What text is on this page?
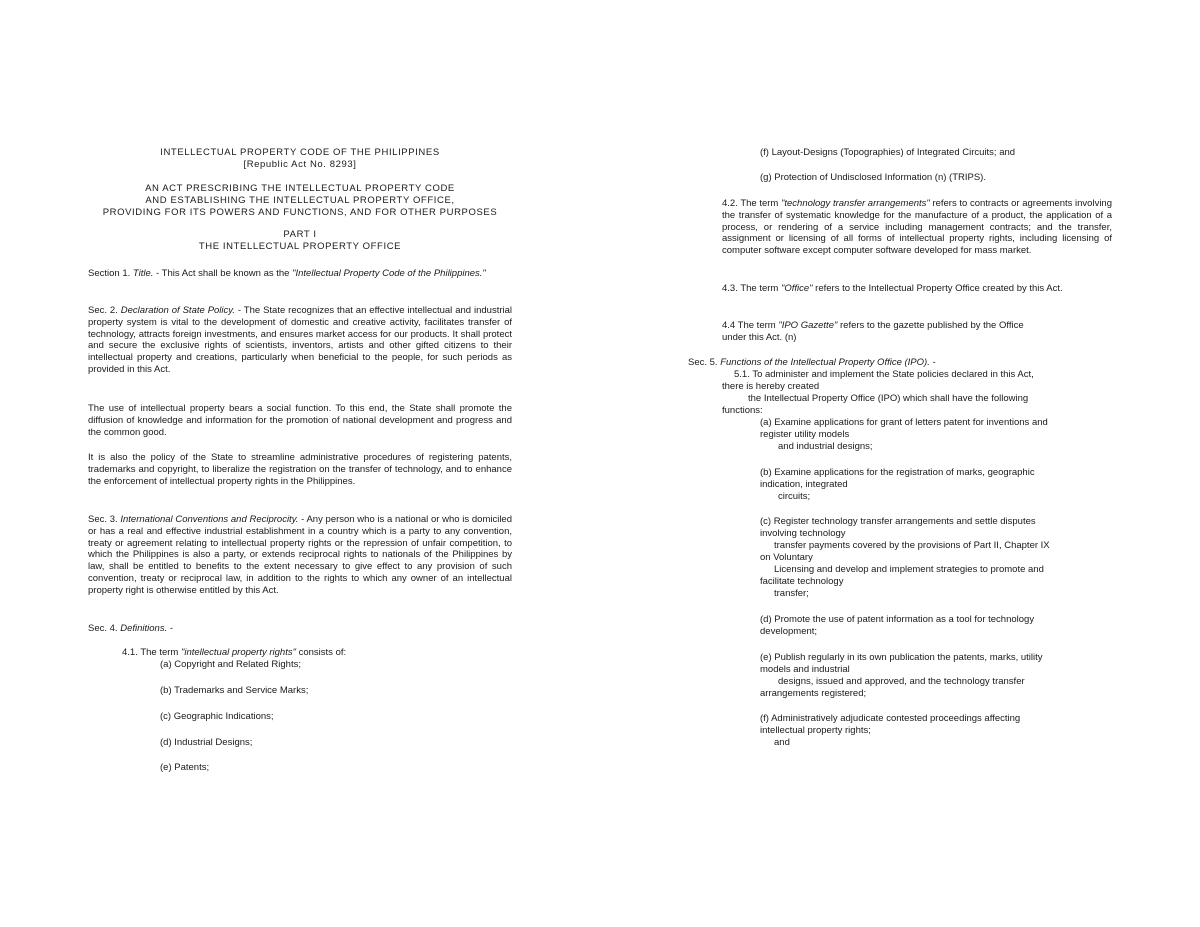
INTELLECTUAL PROPERTY CODE OF THE PHILIPPINES

[Republic Act No. 8293]

AN ACT PRESCRIBING THE INTELLECTUAL PROPERTY CODE

AND ESTABLISHING THE INTELLECTUAL PROPERTY OFFICE,

PROVIDING FOR ITS POWERS AND FUNCTIONS, AND FOR OTHER PURPOSES

PART I

THE INTELLECTUAL PROPERTY OFFICE

Section 1. Title. - This Act shall be known as the "Intellectual Property Code of the Philippines."

Sec. 2. Declaration of State Policy. - The State recognizes that an effective intellectual and industrial property system is vital to the development of domestic and creative activity, facilitates transfer of technology, attracts foreign investments, and ensures market access for our products. It shall protect and secure the exclusive rights of scientists, inventors, artists and other gifted citizens to their intellectual property and creations, particularly when beneficial to the people, for such periods as provided in this Act.

The use of intellectual property bears a social function. To this end, the State shall promote the diffusion of knowledge and information for the promotion of national development and progress and the common good.

It is also the policy of the State to streamline administrative procedures of registering patents, trademarks and copyright, to liberalize the registration on the transfer of technology, and to enhance the enforcement of intellectual property rights in the Philippines.

Sec. 3. International Conventions and Reciprocity. - Any person who is a national or who is domiciled or has a real and effective industrial establishment in a country which is a party to any convention, treaty or agreement relating to intellectual property rights or the repression of unfair competition, to which the Philippines is also a party, or extends reciprocal rights to nationals of the Philippines by law, shall be entitled to benefits to the extent necessary to give effect to any provision of such convention, treaty or reciprocal law, in addition to the rights to which any owner of an intellectual property right is otherwise entitled by this Act.

Sec. 4. Definitions. -

4.1. The term "intellectual property rights" consists of:

(a) Copyright and Related Rights;

(b) Trademarks and Service Marks;

(c) Geographic Indications;

(d) Industrial Designs;

(e) Patents;

(f) Layout-Designs (Topographies) of Integrated Circuits; and

(g) Protection of Undisclosed Information (n) (TRIPS).

4.2. The term "technology transfer arrangements" refers to contracts or agreements involving the transfer of systematic knowledge for the manufacture of a product, the application of a process, or rendering of a service including management contracts; and the transfer, assignment or licensing of all forms of intellectual property rights, including licensing of computer software except computer software developed for mass market.

4.3. The term "Office" refers to the Intellectual Property Office created by this Act.

4.4 The term "IPO Gazette" refers to the gazette published by the Office

under this Act. (n)

Sec. 5. Functions of the Intellectual Property Office (IPO). -

5.1. To administer and implement the State policies declared in this Act,

there is hereby created

the Intellectual Property Office (IPO) which shall have the following

functions:

(a) Examine applications for grant of letters patent for inventions and

register utility models

and industrial designs;

(b) Examine applications for the registration of marks, geographic

indication, integrated

circuits;

(c) Register technology transfer arrangements and settle disputes

involving technology

transfer payments covered by the provisions of Part II, Chapter IX

on Voluntary

Licensing and develop and implement strategies to promote and

facilitate technology

transfer;

(d) Promote the use of patent information as a tool for technology

development;

(e) Publish regularly in its own publication the patents, marks, utility

models and industrial

designs, issued and approved, and the technology transfer

arrangements registered;

(f) Administratively adjudicate contested proceedings affecting

intellectual property rights;

and
